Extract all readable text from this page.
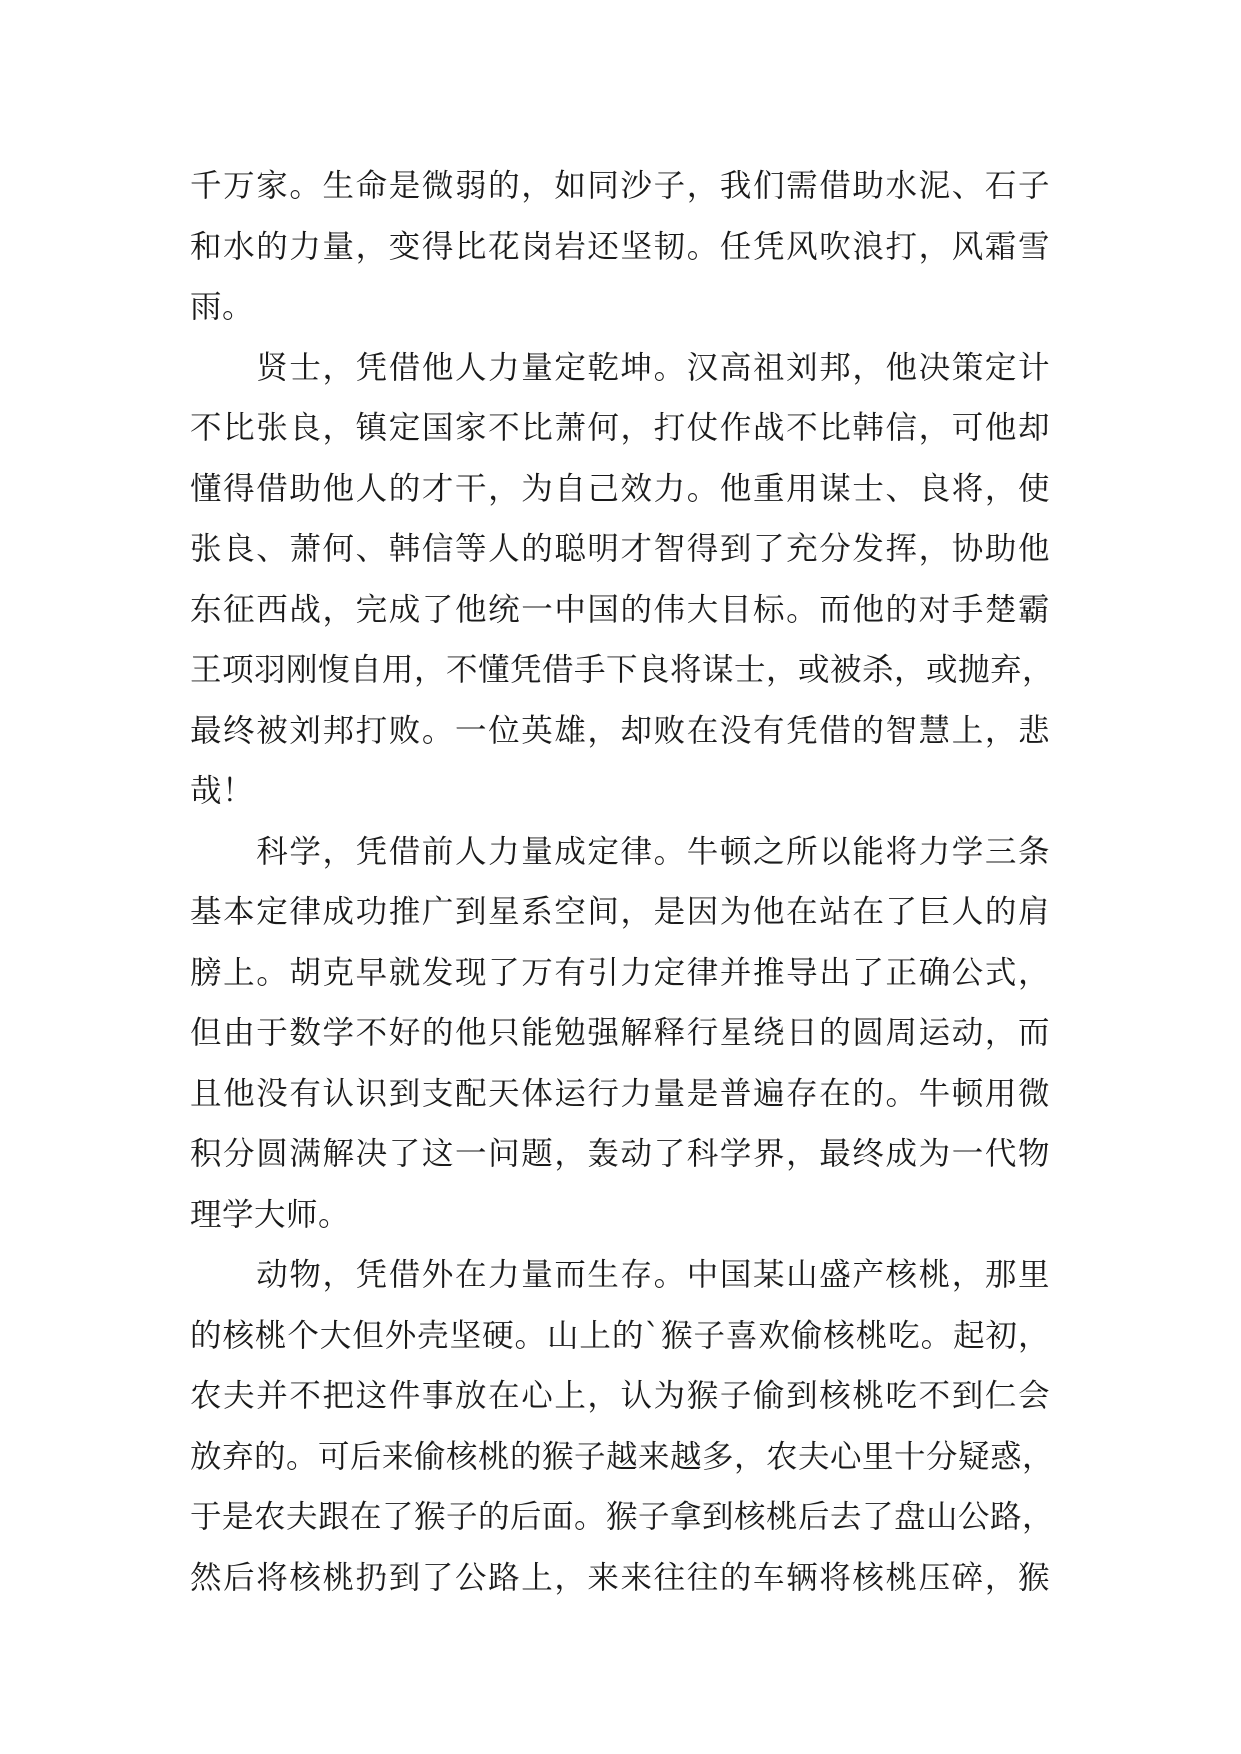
千万家。生命是微弱的，如同沙子，我们需借助水泥、石子
和水的力量，变得比花岗岩还坚韧。任凭风吹浪打，风霜雪
雨。
　　贤士，凭借他人力量定乾坤。汉高祖刘邦，他决策定计
不比张良，镇定国家不比萧何，打仗作战不比韩信，可他却
懂得借助他人的才干，为自己效力。他重用谋士、良将，使
张良、萧何、韩信等人的聪明才智得到了充分发挥，协助他
东征西战，完成了他统一中国的伟大目标。而他的对手楚霸
王项羽刚愎自用，不懂凭借手下良将谋士，或被杀，或抛弃，
最终被刘邦打败。一位英雄，却败在没有凭借的智慧上，悲
哉！
　　科学，凭借前人力量成定律。牛顿之所以能将力学三条
基本定律成功推广到星系空间，是因为他在站在了巨人的肩
膀上。胡克早就发现了万有引力定律并推导出了正确公式，
但由于数学不好的他只能勉强解释行星绕日的圆周运动，而
且他没有认识到支配天体运行力量是普遍存在的。牛顿用微
积分圆满解决了这一问题，轰动了科学界，最终成为一代物
理学大师。
　　动物，凭借外在力量而生存。中国某山盛产核桃，那里
的核桃个大但外壳坚硬。山上的`猴子喜欢偷核桃吃。起初，
农夫并不把这件事放在心上，认为猴子偷到核桃吃不到仁会
放弃的。可后来偷核桃的猴子越来越多，农夫心里十分疑惑，
于是农夫跟在了猴子的后面。猴子拿到核桃后去了盘山公路，
然后将核桃扔到了公路上，来来往往的车辆将核桃压碎，猴
